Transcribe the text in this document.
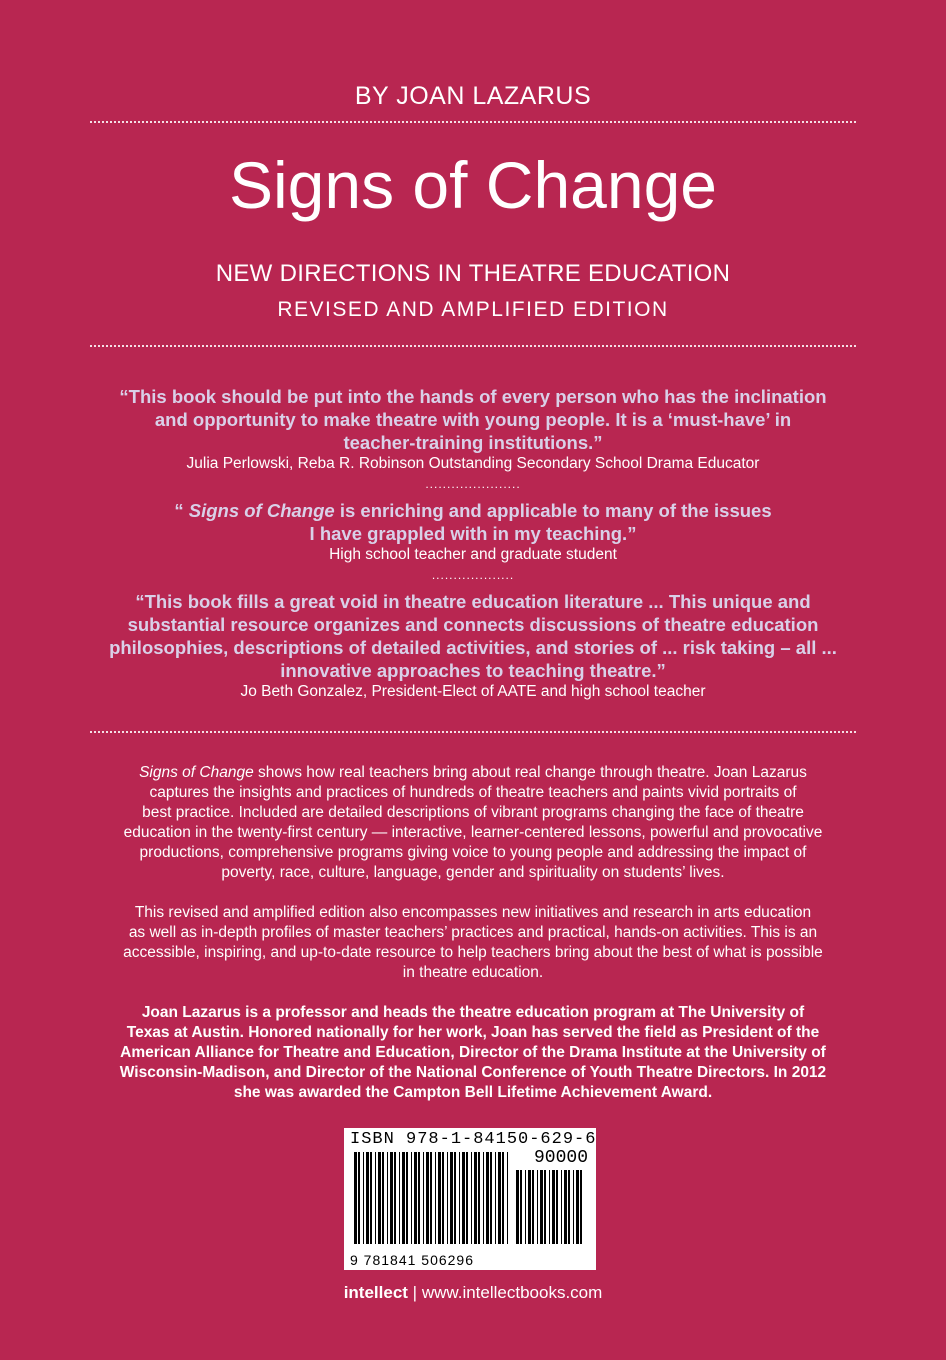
BY JOAN LAZARUS
Signs of Change
NEW DIRECTIONS IN THEATRE EDUCATION
REVISED AND AMPLIFIED EDITION
“This book should be put into the hands of every person who has the inclination
and opportunity to make theatre with young people. It is a ‘must-have’ in
teacher-training institutions.”
Julia Perlowski, Reba R. Robinson Outstanding Secondary School Drama Educator
......................
“ Signs of Change is enriching and applicable to many of the issues
I have grappled with in my teaching.”
High school teacher and graduate student
...................
“This book fills a great void in theatre education literature ... This unique and
substantial resource organizes and connects discussions of theatre education
philosophies, descriptions of detailed activities, and stories of ... risk taking – all ...
innovative approaches to teaching theatre.”
Jo Beth Gonzalez, President-Elect of AATE and high school teacher
Signs of Change shows how real teachers bring about real change through theatre. Joan Lazarus
captures the insights and practices of hundreds of theatre teachers and paints vivid portraits of
best practice. Included are detailed descriptions of vibrant programs changing the face of theatre
education in the twenty-first century — interactive, learner-centered lessons, powerful and provocative
productions, comprehensive programs giving voice to young people and addressing the impact of
poverty, race, culture, language, gender and spirituality on students’ lives.
This revised and amplified edition also encompasses new initiatives and research in arts education
as well as in-depth profiles of master teachers’ practices and practical, hands-on activities. This is an
accessible, inspiring, and up-to-date resource to help teachers bring about the best of what is possible
in theatre education.
Joan Lazarus is a professor and heads the theatre education program at The University of
Texas at Austin. Honored nationally for her work, Joan has served the field as President of the
American Alliance for Theatre and Education, Director of the Drama Institute at the University of
Wisconsin-Madison, and Director of the National Conference of Youth Theatre Directors. In 2012
she was awarded the Campton Bell Lifetime Achievement Award.
ISBN 978-1-84150-629-6
90000
9 781841 506296
intellect | www.intellectbooks.com
